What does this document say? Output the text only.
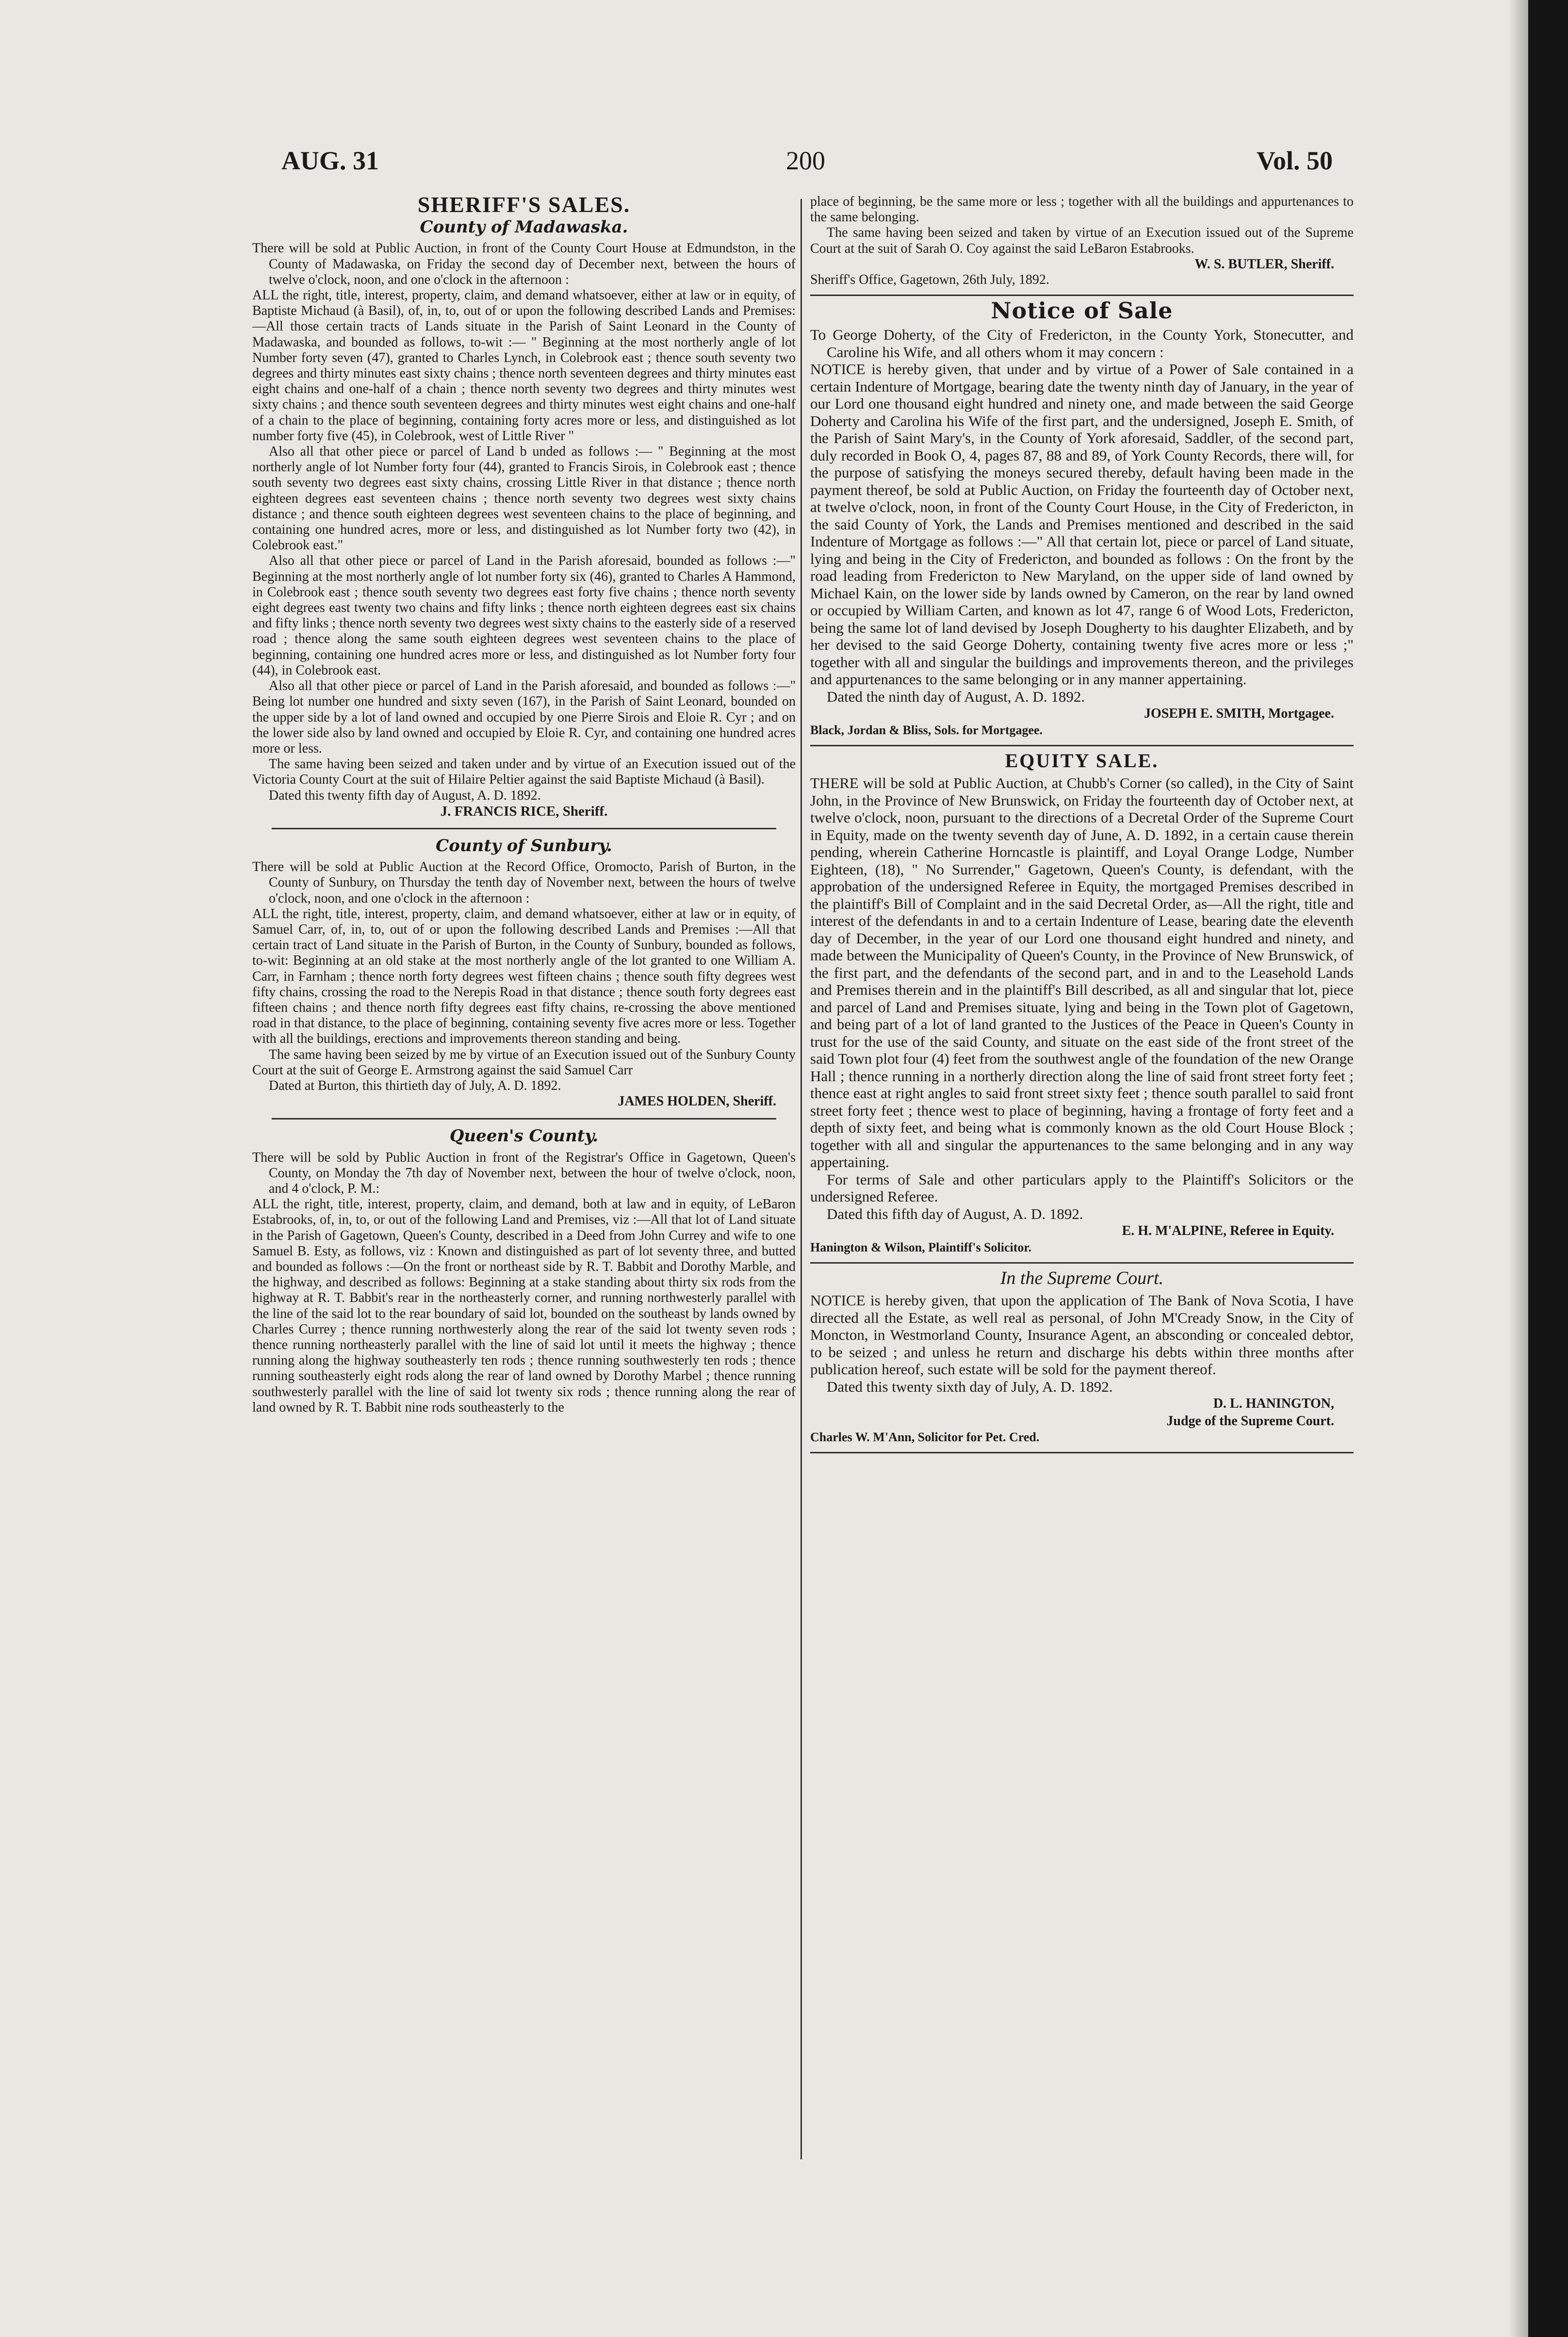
AUG. 31	200	Vol. 50
SHERIFF'S SALES.
County of Madawaska.

There will be sold at Public Auction, in front of the County Court House at Edmundston, in the County of Madawaska, on Friday the second day of December next, between the hours of twelve o'clock, noon, and one o'clock in the afternoon :

ALL the right, title, interest, property, claim, and demand whatsoever, either at law or in equity, of Baptiste Michaud (à Basil), of, in, to, out of or upon the following described Lands and Premises:—All those certain tracts of Lands situate in the Parish of Saint Leonard in the County of Madawaska, and bounded as follows, to-wit :— " Beginning at the most northerly angle of lot Number forty seven (47), granted to Charles Lynch, in Colebrook east ; thence south seventy two degrees and thirty minutes east sixty chains ; thence north seventeen degrees and thirty minutes east eight chains and one-half of a chain ; thence north seventy two degrees and thirty minutes west sixty chains ; and thence south seventeen degrees and thirty minutes west eight chains and one-half of a chain to the place of beginning, containing forty acres more or less, and distinguished as lot number forty five (45), in Colebrook, west of Little River "

Also all that other piece or parcel of Land b unded as follows :— " Beginning at the most northerly angle of lot Number forty four (44), granted to Francis Sirois, in Colebrook east ; thence south seventy two degrees east sixty chains, crossing Little River in that distance ; thence north eighteen degrees east seventeen chains ; thence north seventy two degrees west sixty chains distance ; and thence south eighteen degrees west seventeen chains to the place of beginning, and containing one hundred acres, more or less, and distinguished as lot Number forty two (42), in Colebrook east."

Also all that other piece or parcel of Land in the Parish aforesaid, bounded as follows :—" Beginning at the most northerly angle of lot number forty six (46), granted to Charles A Hammond, in Colebrook east ; thence south seventy two degrees east forty five chains ; thence north seventy eight degrees east twenty two chains and fifty links ; thence north eighteen degrees east six chains and fifty links ; thence north seventy two degrees west sixty chains to the easterly side of a reserved road ; thence along the same south eighteen degrees west seventeen chains to the place of beginning, containing one hundred acres more or less, and distinguished as lot Number forty four (44), in Colebrook east.

Also all that other piece or parcel of Land in the Parish aforesaid, and bounded as follows :—" Being lot number one hundred and sixty seven (167), in the Parish of Saint Leonard, bounded on the upper side by a lot of land owned and occupied by one Pierre Sirois and Eloie R. Cyr ; and on the lower side also by land owned and occupied by Eloie R. Cyr, and containing one hundred acres more or less.

The same having been seized and taken under and by virtue of an Execution issued out of the Victoria County Court at the suit of Hilaire Peltier against the said Baptiste Michaud (à Basil).

Dated this twenty fifth day of August, A. D. 1892.

J. FRANCIS RICE, Sheriff.

County of Sunbury.

There will be sold at Public Auction at the Record Office, Oromocto, Parish of Burton, in the County of Sunbury, on Thursday the tenth day of November next, between the hours of twelve o'clock, noon, and one o'clock in the afternoon :

ALL the right, title, interest, property, claim, and demand whatsoever, either at law or in equity, of Samuel Carr, of, in, to, out of or upon the following described Lands and Premises :—All that certain tract of Land situate in the Parish of Burton, in the County of Sunbury, bounded as follows, to-wit: Beginning at an old stake at the most northerly angle of the lot granted to one William A. Carr, in Farnham ; thence north forty degrees west fifteen chains ; thence south fifty degrees west fifty chains, crossing the road to the Nerepis Road in that distance ; thence south forty degrees east fifteen chains ; and thence north fifty degrees east fifty chains, re-crossing the above mentioned road in that distance, to the place of beginning, containing seventy five acres more or less. Together with all the buildings, erections and improvements thereon standing and being.

The same having been seized by me by virtue of an Execution issued out of the Sunbury County Court at the suit of George E. Armstrong against the said Samuel Carr

Dated at Burton, this thirtieth day of July, A. D. 1892.

JAMES HOLDEN, Sheriff.

Queen's County.

There will be sold by Public Auction in front of the Registrar's Office in Gagetown, Queen's County, on Monday the 7th day of November next, between the hour of twelve o'clock, noon, and 4 o'clock, P. M.:

ALL the right, title, interest, property, claim, and demand, both at law and in equity, of LeBaron Estabrooks, of, in, to, or out of the following Land and Premises, viz :—All that lot of Land situate in the Parish of Gagetown, Queen's County, described in a Deed from John Currey and wife to one Samuel B. Esty, as follows, viz : Known and distinguished as part of lot seventy three, and butted and bounded as follows :—On the front or northeast side by R. T. Babbit and Dorothy Marble, and the highway, and described as follows: Beginning at a stake standing about thirty six rods from the highway at R. T. Babbit's rear in the northeasterly corner, and running northwesterly parallel with the line of the said lot to the rear boundary of said lot, bounded on the southeast by lands owned by Charles Currey ; thence running northwesterly along the rear of the said lot twenty seven rods ; thence running northeasterly parallel with the line of said lot until it meets the highway ; thence running along the highway southeasterly ten rods ; thence running southwesterly ten rods ; thence running southeasterly eight rods along the rear of land owned by Dorothy Marbel ; thence running southwesterly parallel with the line of said lot twenty six rods ; thence running along the rear of land owned by R. T. Babbit nine rods southeasterly to the

place of beginning, be the same more or less ; together with all the buildings and appurtenances to the same belonging.

The same having been seized and taken by virtue of an Execution issued out of the Supreme Court at the suit of Sarah O. Coy against the said LeBaron Estabrooks.

W. S. BUTLER, Sheriff.

Sheriff's Office, Gagetown, 26th July, 1892.

Notice of Sale

To George Doherty, of the City of Fredericton, in the County York, Stonecutter, and Caroline his Wife, and all others whom it may concern :

NOTICE is hereby given, that under and by virtue of a Power of Sale contained in a certain Indenture of Mortgage, bearing date the twenty ninth day of January, in the year of our Lord one thousand eight hundred and ninety one, and made between the said George Doherty and Carolina his Wife of the first part, and the undersigned, Joseph E. Smith, of the Parish of Saint Mary's, in the County of York aforesaid, Saddler, of the second part, duly recorded in Book O, 4, pages 87, 88 and 89, of York County Records, there will, for the purpose of satisfying the moneys secured thereby, default having been made in the payment thereof, be sold at Public Auction, on Friday the fourteenth day of October next, at twelve o'clock, noon, in front of the County Court House, in the City of Fredericton, in the said County of York, the Lands and Premises mentioned and described in the said Indenture of Mortgage as follows :—" All that certain lot, piece or parcel of Land situate, lying and being in the City of Fredericton, and bounded as follows : On the front by the road leading from Fredericton to New Maryland, on the upper side of land owned by Michael Kain, on the lower side by lands owned by Cameron, on the rear by land owned or occupied by William Carten, and known as lot 47, range 6 of Wood Lots, Fredericton, being the same lot of land devised by Joseph Dougherty to his daughter Elizabeth, and by her devised to the said George Doherty, containing twenty five acres more or less ;" together with all and singular the buildings and improvements thereon, and the privileges and appurtenances to the same belonging or in any manner appertaining.

Dated the ninth day of August, A. D. 1892.

JOSEPH E. SMITH, Mortgagee.

Black, Jordan & Bliss, Sols. for Mortgagee.

EQUITY SALE.

THERE will be sold at Public Auction, at Chubb's Corner (so called), in the City of Saint John, in the Province of New Brunswick, on Friday the fourteenth day of October next, at twelve o'clock, noon, pursuant to the directions of a Decretal Order of the Supreme Court in Equity, made on the twenty seventh day of June, A. D. 1892, in a certain cause therein pending, wherein Catherine Horncastle is plaintiff, and Loyal Orange Lodge, Number Eighteen, (18), " No Surrender," Gagetown, Queen's County, is defendant, with the approbation of the undersigned Referee in Equity, the mortgaged Premises described in the plaintiff's Bill of Complaint and in the said Decretal Order, as—All the right, title and interest of the defendants in and to a certain Indenture of Lease, bearing date the eleventh day of December, in the year of our Lord one thousand eight hundred and ninety, and made between the Municipality of Queen's County, in the Province of New Brunswick, of the first part, and the defendants of the second part, and in and to the Leasehold Lands and Premises therein and in the plaintiff's Bill described, as all and singular that lot, piece and parcel of Land and Premises situate, lying and being in the Town plot of Gagetown, and being part of a lot of land granted to the Justices of the Peace in Queen's County in trust for the use of the said County, and situate on the east side of the front street of the said Town plot four (4) feet from the southwest angle of the foundation of the new Orange Hall ; thence running in a northerly direction along the line of said front street forty feet ; thence east at right angles to said front street sixty feet ; thence south parallel to said front street forty feet ; thence west to place of beginning, having a frontage of forty feet and a depth of sixty feet, and being what is commonly known as the old Court House Block ; together with all and singular the appurtenances to the same belonging and in any way appertaining.

For terms of Sale and other particulars apply to the Plaintiff's Solicitors or the undersigned Referee.

Dated this fifth day of August, A. D. 1892.

E. H. M'ALPINE, Referee in Equity.

Hanington & Wilson, Plaintiff's Solicitor.

In the Supreme Court.

NOTICE is hereby given, that upon the application of The Bank of Nova Scotia, I have directed all the Estate, as well real as personal, of John M'Cready Snow, in the City of Moncton, in Westmorland County, Insurance Agent, an absconding or concealed debtor, to be seized ; and unless he return and discharge his debts within three months after publication hereof, such estate will be sold for the payment thereof.

Dated this twenty sixth day of July, A. D. 1892.

D. L. HANINGTON,

Judge of the Supreme Court.

Charles W. M'Ann, Solicitor for Pet. Cred.
